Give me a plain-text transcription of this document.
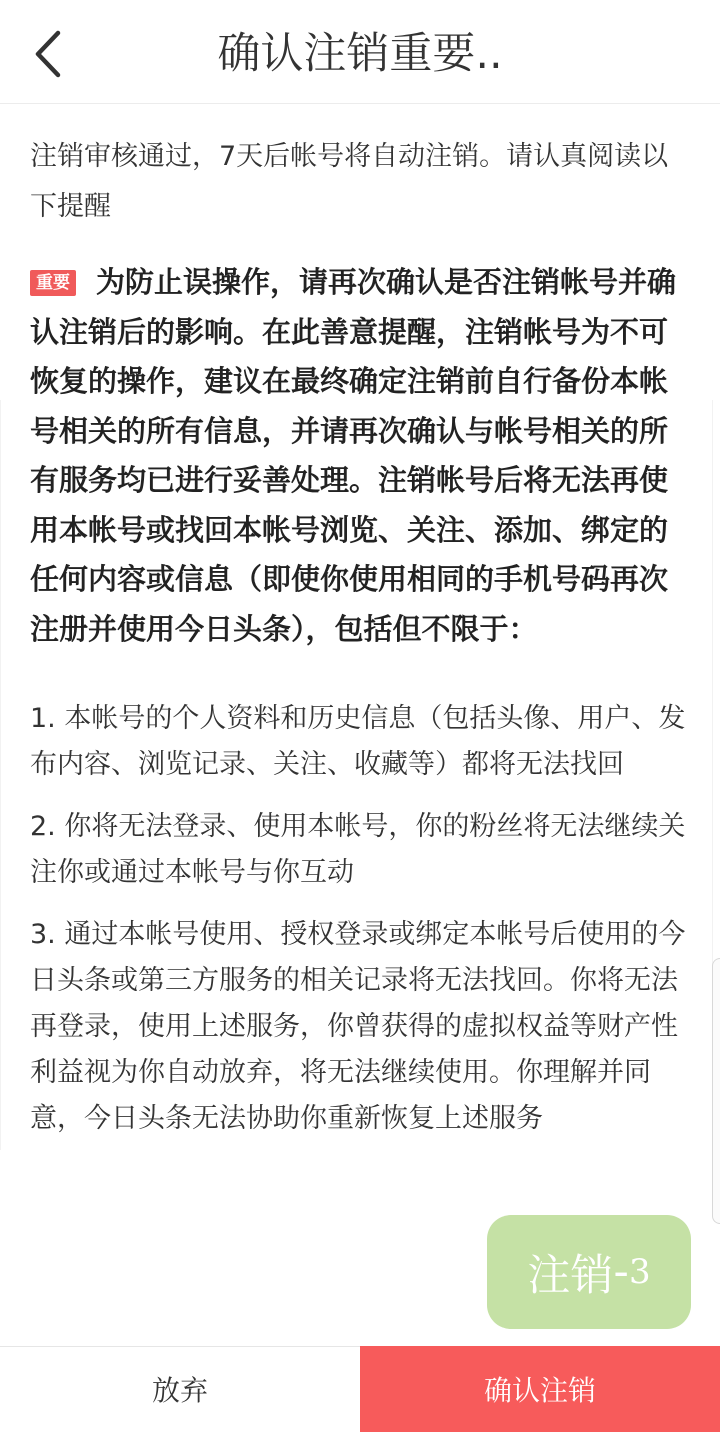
确认注销重要..

注销审核通过，7天后帐号将自动注销。请认真阅读以下提醒

重要 为防止误操作，请再次确认是否注销帐号并确认注销后的影响。在此善意提醒，注销帐号为不可恢复的操作，建议在最终确定注销前自行备份本帐号相关的所有信息，并请再次确认与帐号相关的所有服务均已进行妥善处理。注销帐号后将无法再使用本帐号或找回本帐号浏览、关注、添加、绑定的任何内容或信息（即使你使用相同的手机号码再次注册并使用今日头条），包括但不限于：

1. 本帐号的个人资料和历史信息（包括头像、用户、发布内容、浏览记录、关注、收藏等）都将无法找回

2. 你将无法登录、使用本帐号，你的粉丝将无法继续关注你或通过本帐号与你互动

3. 通过本帐号使用、授权登录或绑定本帐号后使用的今日头条或第三方服务的相关记录将无法找回。你将无法再登录，使用上述服务，你曾获得的虚拟权益等财产性利益视为你自动放弃，将无法继续使用。你理解并同意，今日头条无法协助你重新恢复上述服务

注销 - 3
放弃	确认注销
